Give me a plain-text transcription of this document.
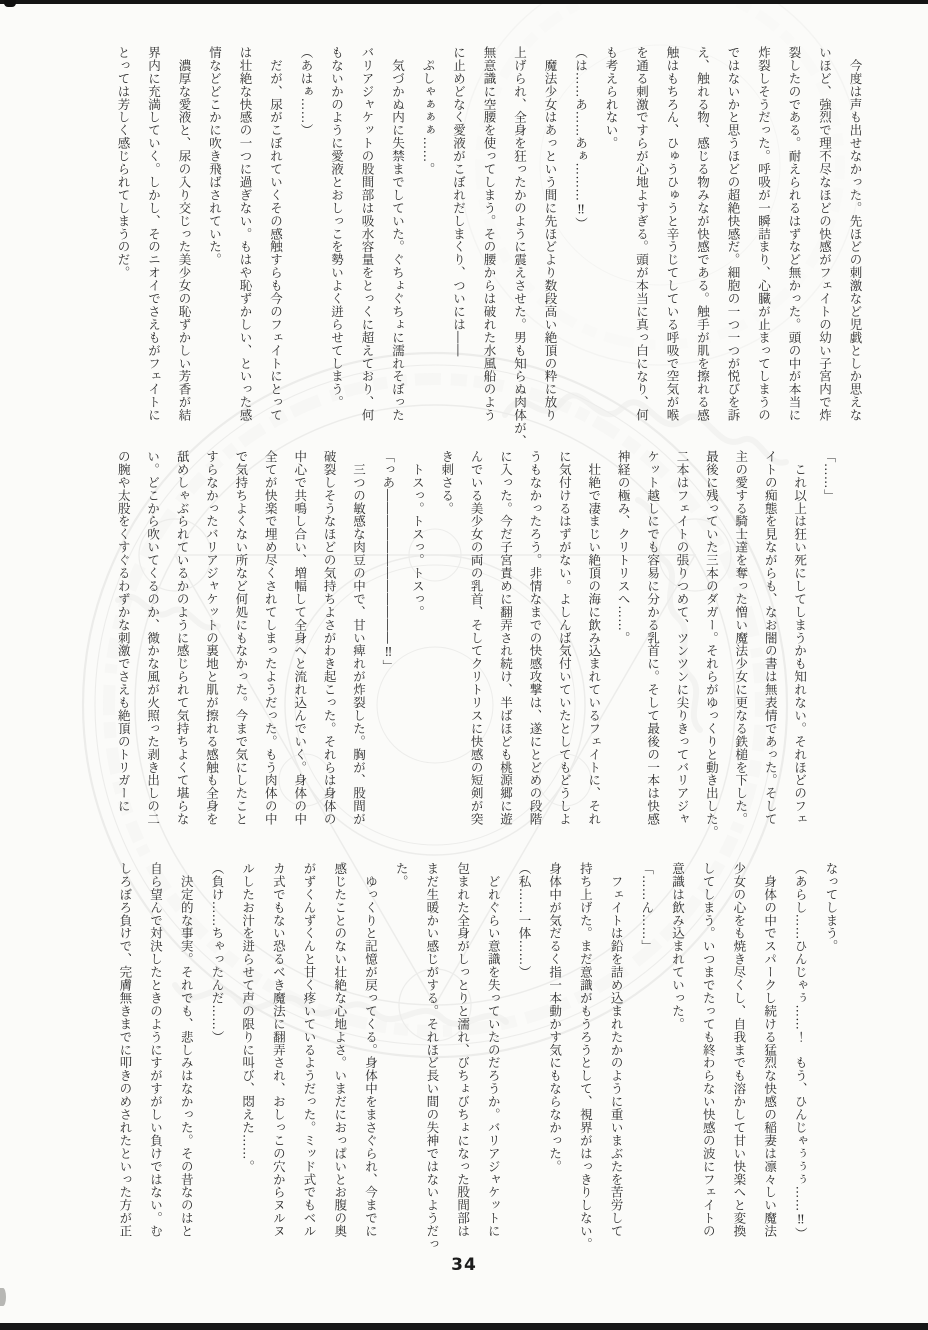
　今度は声も出せなかった。先ほどの刺激など児戯としか思えな

いほど、強烈で理不尽なほどの快感がフェイトの幼い子宮内で炸

裂したのである。耐えられるはずなど無かった。頭の中が本当に

炸裂しそうだった。呼吸が一瞬詰まり、心臓が止まってしまうの

ではないかと思うほどの超絶快感だ。細胞の一つ一つが悦びを訴

え、触れる物、感じる物みなが快感である。触手が肌を擦れる感

触はもちろん、ひゅうひゅうと辛うじてしている呼吸で空気が喉

を通る刺激ですらが心地よすぎる。頭が本当に真っ白になり、何

も考えられない。

（は……あ……あぁ………‼）

　魔法少女はあっという間に先ほどより数段高い絶頂の粋に放り

上げられ、全身を狂ったかのように震えさせた。男も知らぬ肉体が、

無意識に空腰を使ってしまう。その腰からは破れた水風船のよう

に止めどなく愛液がこぼれだしまくり、ついには――

　ぷしゃぁぁぁ……。

　気づかぬ内に失禁までしていた。ぐちょぐちょに濡れそぼった

バリアジャケットの股間部は吸水容量をとっくに超えており、何

もないかのように愛液とおしっこを勢いよく迸らせてしまう。

（あはぁ……）

　だが、尿がこぼれていくその感触すらも今のフェイトにとって

は壮絶な快感の一つに過ぎない。もはや恥ずかしい、といった感

情などどこかに吹き飛ばされていた。

　濃厚な愛液と、尿の入り交じった美少女の恥ずかしい芳香が結

界内に充満していく。しかし、そのニオイでさえもがフェイトに

とっては芳しく感じられてしまうのだ。

「……」

　これ以上は狂い死にしてしまうかも知れない。それほどのフェ

イトの痴態を見ながらも、なお闇の書は無表情であった。そして

主の愛する騎士達を奪った憎い魔法少女に更なる鉄槌を下した。

最後に残っていた三本のダガー。それらがゆっくりと動き出した。

二本はフェイトの張りつめて、ツンツンに尖りきってバリアジャ

ケット越しにでも容易に分かる乳首に。そして最後の一本は快感

神経の極み、クリトリスへ……。

　壮絶で凄まじい絶頂の海に飲み込まれているフェイトに、それ

に気付けるはずがない。よしんば気付いていたとしてもどうしよ

うもなかったろう。非情なまでの快感攻撃は、遂にとどめの段階

に入った。今だ子宮責めに翻弄され続け、半ばほども桃源郷に遊

んでいる美少女の両の乳首、そしてクリトリスに快感の短剣が突

き刺さる。

　トスっ。トスっ。トスっ。

「っあ――――――――――――‼」

　三つの敏感な肉豆の中で、甘い痺れが炸裂した。胸が、股間が

破裂しそうなほどの気持ちよさがわき起こった。それらは身体の

中心で共鳴し合い、増幅して全身へと流れ込んでいく。身体の中

全てが快楽で埋め尽くされてしまったようだった。もう肉体の中

で気持ちよくない所など何処にもなかった。今まで気にしたこと

すらなかったバリアジャケットの裏地と肌が擦れる感触も全身を

舐めしゃぶられているかのように感じられて気持ちよくて堪らな

い。どこから吹いてくるのか、微かな風が火照った剥き出しの二

の腕や太股をくすぐるわずかな刺激でさえも絶頂のトリガーに

なってしまう。

（あらし……ひんじゃぅ……！　もう、ひんじゃぅぅぅ……‼）

　身体の中でスパークし続ける猛烈な快感の稲妻は凛々しい魔法

少女の心をも焼き尽くし、自我までも溶かして甘い快楽へと変換

してしまう。いつまでたっても終わらない快感の波にフェイトの

意識は飲み込まれていった。

「……ん……」

　フェイトは鉛を詰め込まれたかのように重いまぶたを苦労して

持ち上げた。まだ意識がもうろうとして、視界がはっきりしない。

身体中が気だるく指一本動かす気にもならなかった。

（私……一体……）

　どれぐらい意識を失っていたのだろうか。バリアジャケットに

包まれた全身がしっとりと濡れ、びちょびちょになった股間部は

まだ生暖かい感じがする。それほど長い間の失神ではないようだっ

た。

　ゆっくりと記憶が戻ってくる。身体中をまさぐられ、今までに

感じたことのない壮絶な心地よさ。いまだにおっぱいとお腹の奥

がずくんずくんと甘く疼いているようだった。ミッド式でもベル

カ式でもない恐るべき魔法に翻弄され、おしっこの穴からヌルヌ

ルしたお汁を迸らせて声の限りに叫び、悶えた……。

（負け……ちゃったんだ……）

　決定的な事実。それでも、悲しみはなかった。その昔なのはと

自ら望んで対決したときのようにすがすがしい負けではない。む

しろぼろ負けで、完膚無きまでに叩きのめされたといった方が正

34
